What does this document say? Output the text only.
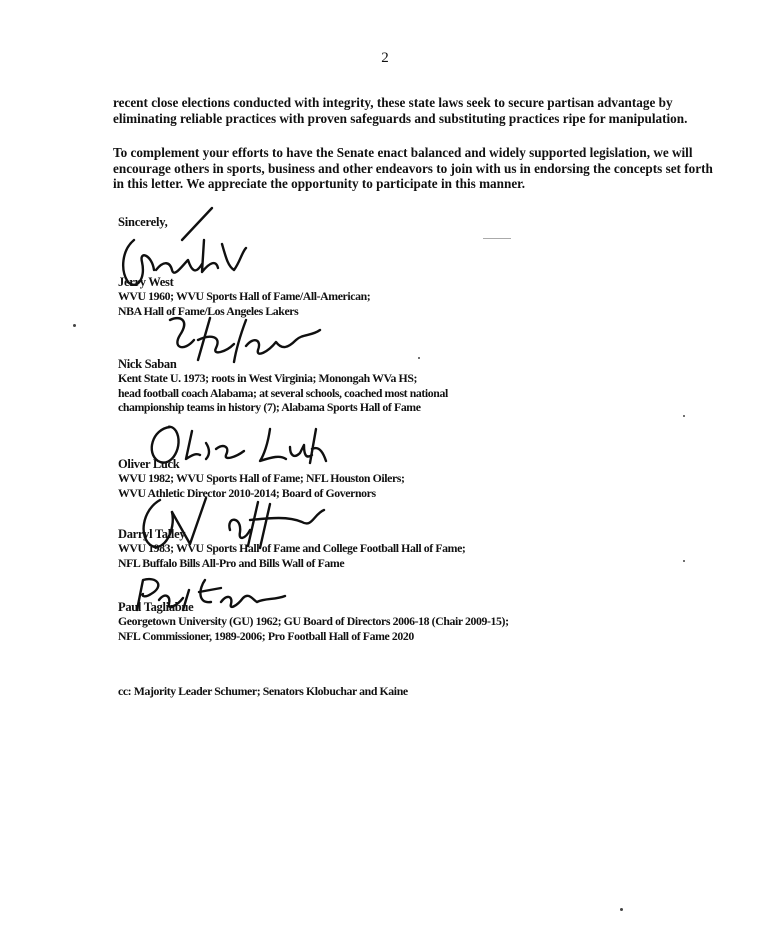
2

recent close elections conducted with integrity, these state laws seek to secure partisan advantage by eliminating reliable practices with proven safeguards and substituting practices ripe for manipulation.

To complement your efforts to have the Senate enact balanced and widely supported legislation, we will encourage others in sports, business and other endeavors to join with us in endorsing the concepts set forth in this letter. We appreciate the opportunity to participate in this manner.

Sincerely,
Jerry West
WVU 1960; WVU Sports Hall of Fame/All-American;
NBA Hall of Fame/Los Angeles Lakers
Nick Saban
Kent State U. 1973; roots in West Virginia; Monongah WVa HS;
head football coach Alabama; at several schools, coached most national
championship teams in history (7); Alabama Sports Hall of Fame
Oliver Luck
WVU 1982; WVU Sports Hall of Fame; NFL Houston Oilers;
WVU Athletic Director 2010-2014; Board of Governors
Darryl Talley
WVU 1983; WVU Sports Hall of Fame and College Football Hall of Fame;
NFL Buffalo Bills All-Pro and Bills Wall of Fame
Paul Tagliabue
Georgetown University (GU) 1962; GU Board of Directors 2006-18 (Chair 2009-15);
NFL Commissioner, 1989-2006; Pro Football Hall of Fame 2020
cc: Majority Leader Schumer; Senators Klobuchar and Kaine
